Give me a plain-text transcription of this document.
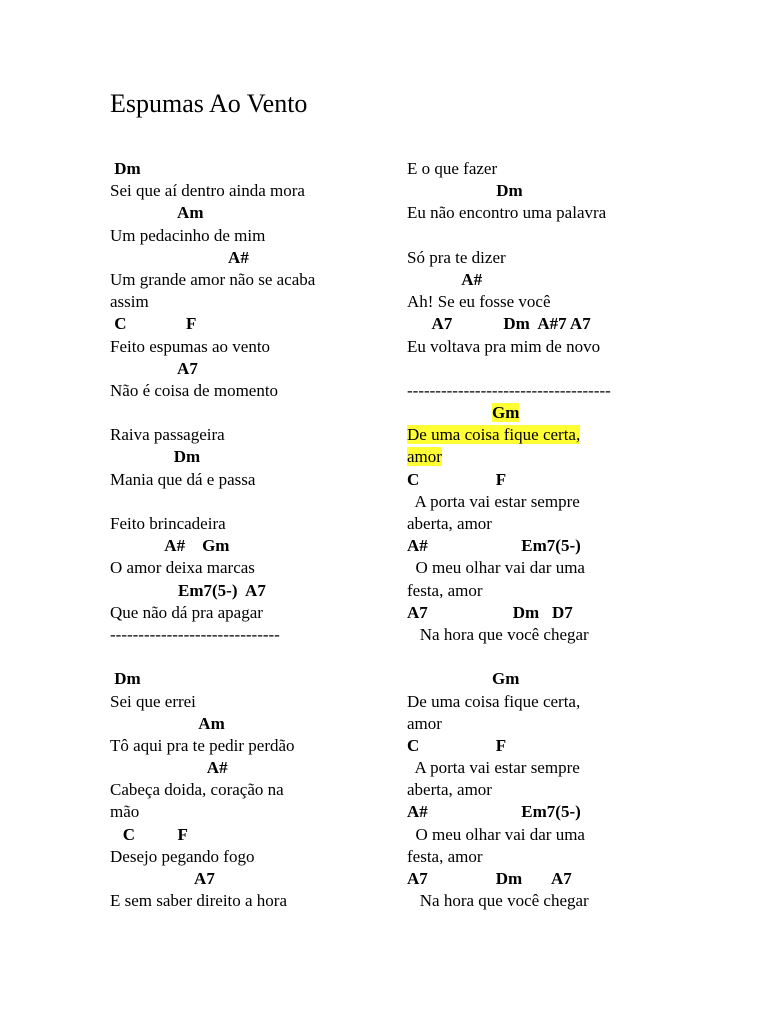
Espumas Ao Vento
Dm
Sei que aí dentro ainda mora
Am
Um pedacinho de mim
A#
Um grande amor não se acaba
assim
C              F
Feito espumas ao vento
A7
Não é coisa de momento
Raiva passageira
Dm
Mania que dá e passa
Feito brincadeira
A#    Gm
O amor deixa marcas
Em7(5-)  A7
Que não dá pra apagar
------------------------------
Dm
Sei que errei
Am
Tô aqui pra te pedir perdão
A#
Cabeça doida, coração na
mão
C          F
Desejo pegando fogo
A7
E sem saber direito a hora
E o que fazer
Dm
Eu não encontro uma palavra
Só pra te dizer
A#
Ah! Se eu fosse você
A7            Dm  A#7 A7
Eu voltava pra mim de novo
------------------------------------
Gm
De uma coisa fique certa,
amor
C                  F
A porta vai estar sempre
aberta, amor
A#                      Em7(5-)
O meu olhar vai dar uma
festa, amor
A7                    Dm   D7
Na hora que você chegar
Gm
De uma coisa fique certa,
amor
C                  F
A porta vai estar sempre
aberta, amor
A#                      Em7(5-)
O meu olhar vai dar uma
festa, amor
A7                Dm       A7
Na hora que você chegar
